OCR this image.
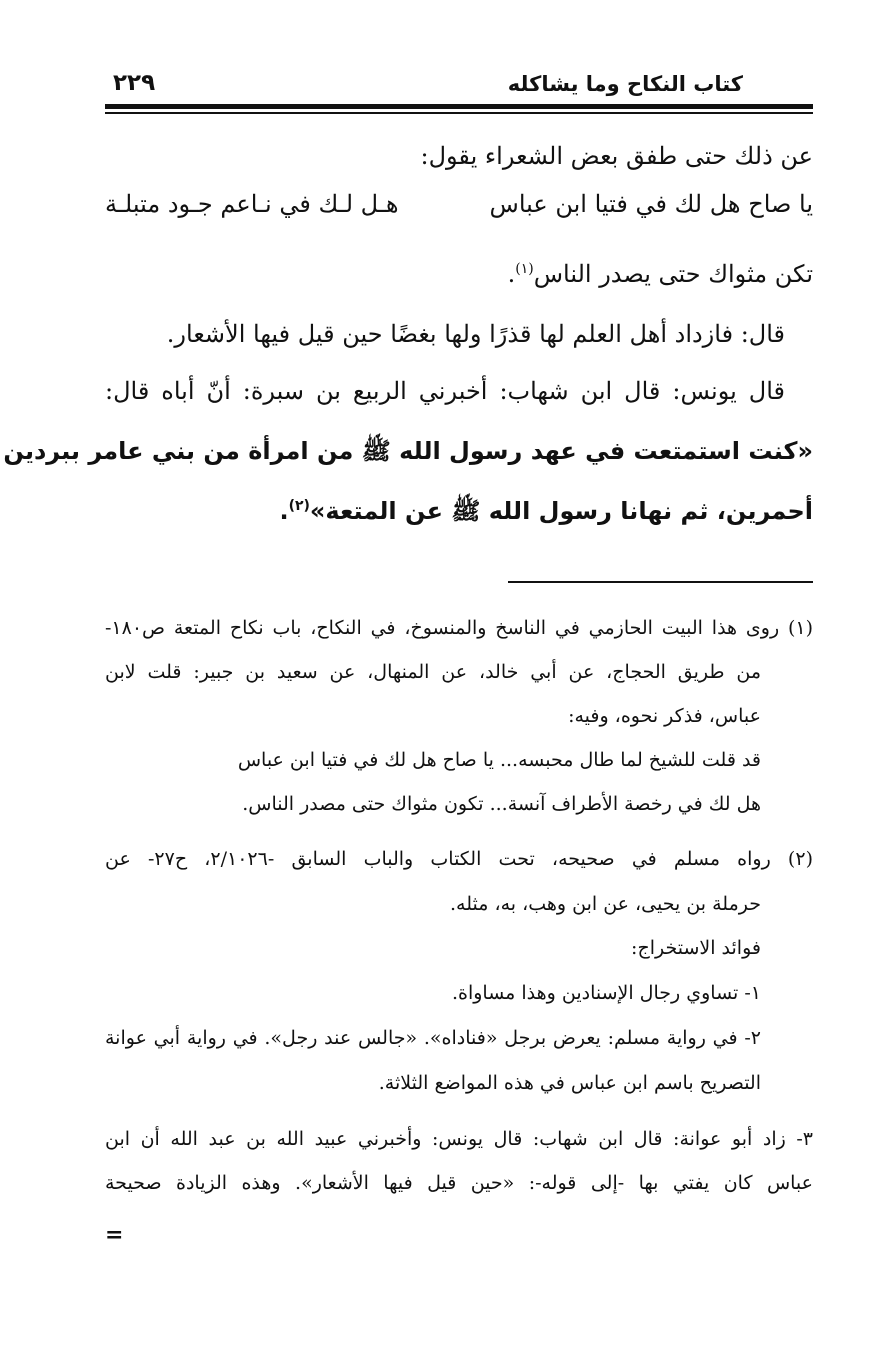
كتاب النكاح وما يشاكله
٢٢٩
عن ذلك حتى طفق بعض الشعراء يقول:
يا صاح هل لك في فتيا ابن عباس
هـل لـك في نـاعم جـود متبلـة
تكن مثواك حتى يصدر الناس$^{(١)}$.
قال: فازداد أهل العلم لها قذرًا ولها بغضًا حين قيل فيها الأشعار.
قال يونس: قال ابن شهاب: أخبرني الربيع بن سبرة: أنّ أباه قال:
«كنت استمتعت في عهد رسول الله ﷺ من امرأة من بني عامر ببردين
أحمرين، ثم نهانا رسول الله ﷺ عن المتعة»$^{(٢)}$.
(١) روى هذا البيت الحازمي في الناسخ والمنسوخ، في النكاح، باب نكاح المتعة ص١٨٠-
من طريق الحجاج، عن أبي خالد، عن المنهال، عن سعيد بن جبير: قلت لابن
عباس، فذكر نحوه، وفيه:
قد قلت للشيخ لما طال محبسه... يا صاح هل لك في فتيا ابن عباس
هل لك في رخصة الأطراف آنسة... تكون مثواك حتى مصدر الناس.
(٢) رواه مسلم في صحيحه، تحت الكتاب والباب السابق -٢/١٠٢٦، ح٢٧- عن
حرملة بن يحيى، عن ابن وهب، به، مثله.
فوائد الاستخراج:
١- تساوي رجال الإسنادين وهذا مساواة.
٢- في رواية مسلم: يعرض برجل «فناداه». «جالس عند رجل». في رواية أبي عوانة
التصريح باسم ابن عباس في هذه المواضع الثلاثة.
٣- زاد أبو عوانة: قال ابن شهاب: قال يونس: وأخبرني عبيد الله بن عبد الله أن ابن
عباس كان يفتي بها -إلى قوله-: «حين قيل فيها الأشعار». وهذه الزيادة صحيحة
=
